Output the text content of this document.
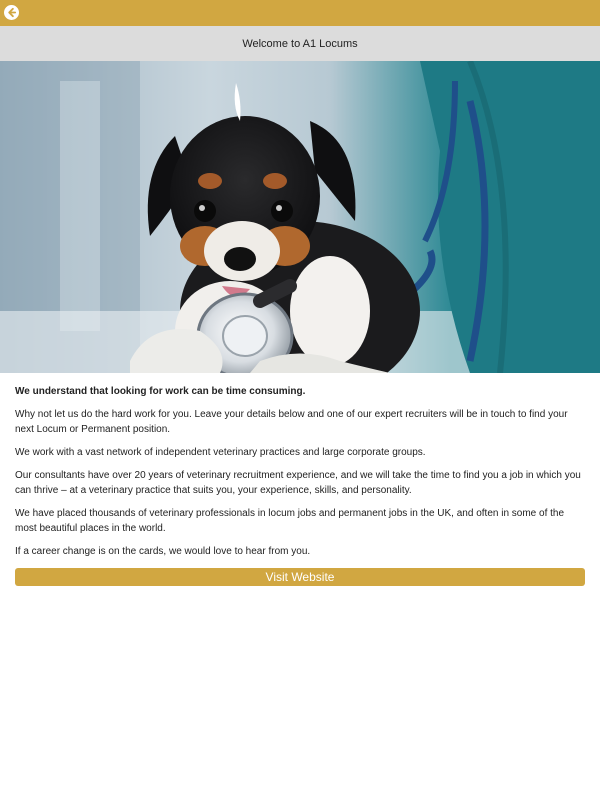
Welcome to A1 Locums

We understand that looking for work can be time consuming.

Why not let us do the hard work for you. Leave your details below and one of our expert recruiters will be in touch to find your next Locum or Permanent position.

We work with a vast network of independent veterinary practices and large corporate groups.

Our consultants have over 20 years of veterinary recruitment experience, and we will take the time to find you a job in which you can thrive – at a veterinary practice that suits you, your experience, skills, and personality.

We have placed thousands of veterinary professionals in locum jobs and permanent jobs in the UK, and often in some of the most beautiful places in the world.

If a career change is on the cards, we would love to hear from you.

Visit Website
